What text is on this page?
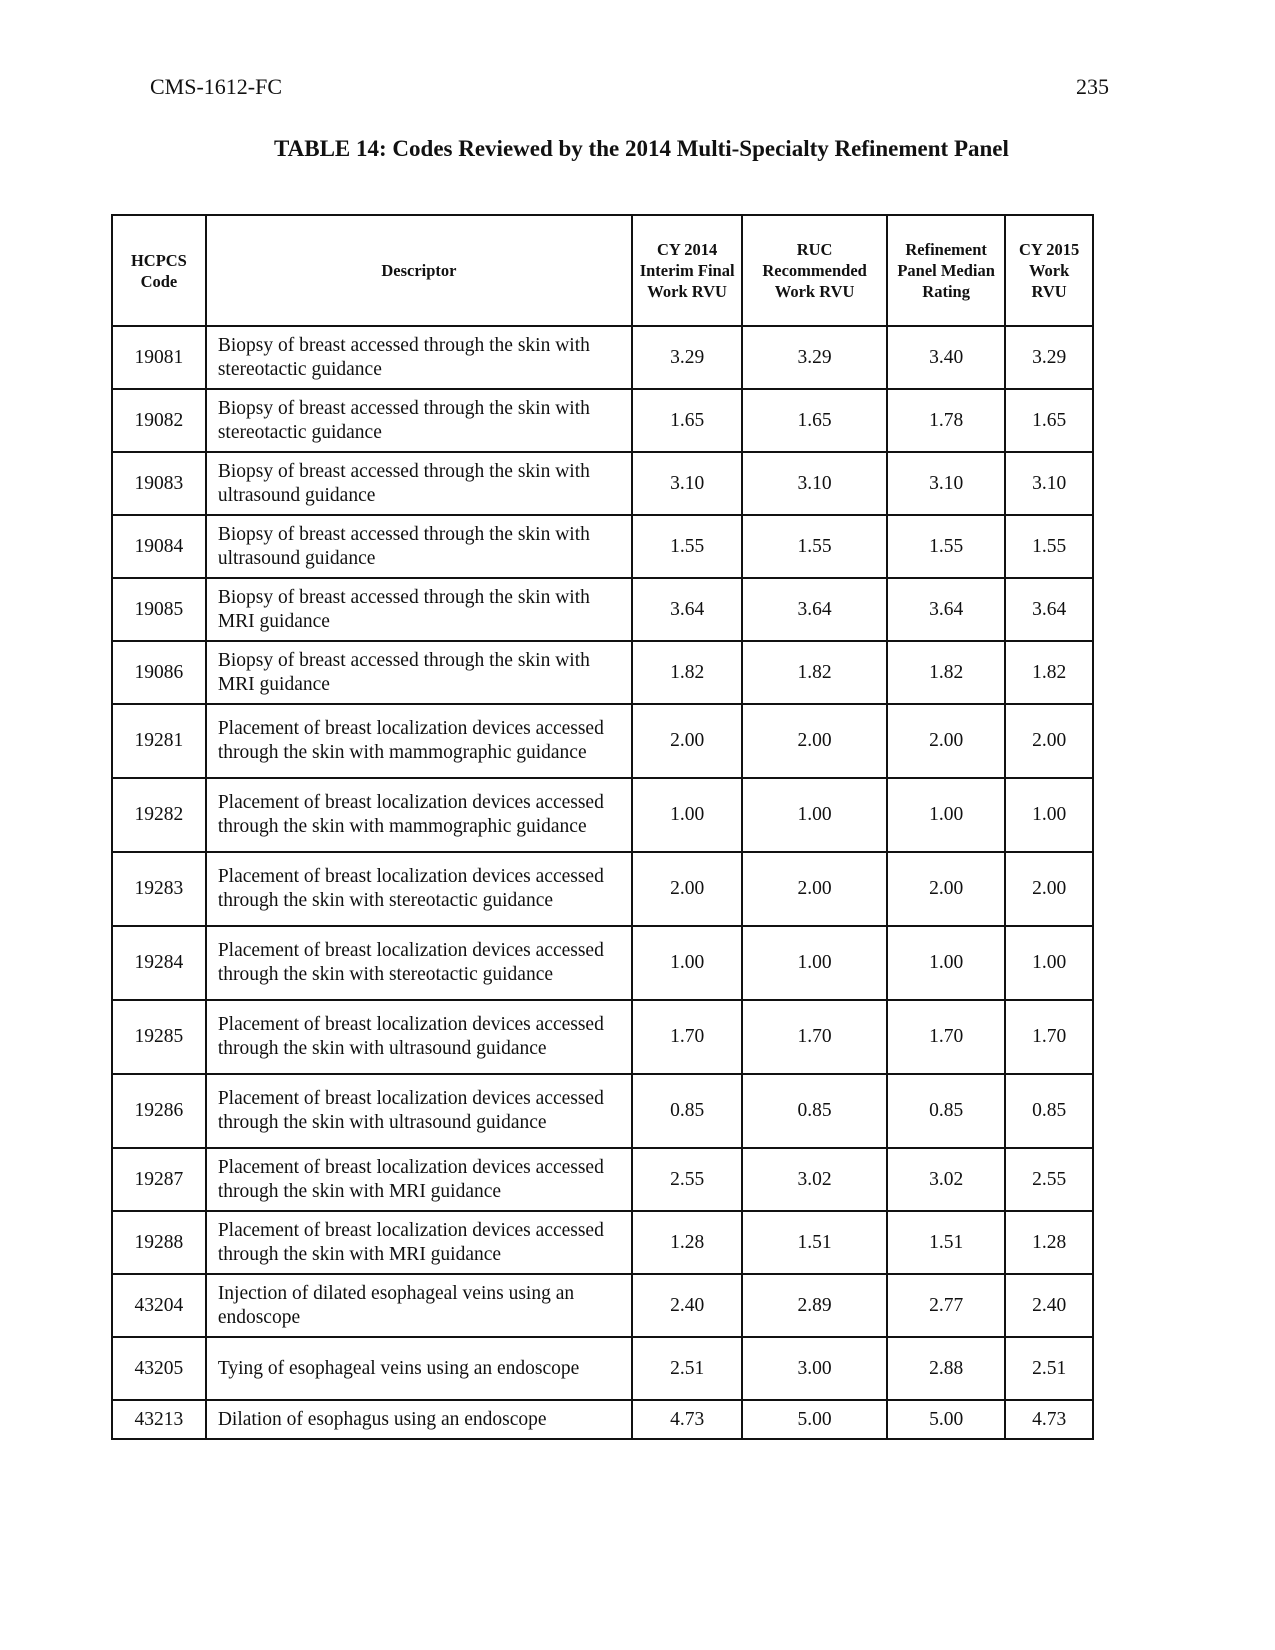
CMS-1612-FC	235
TABLE 14: Codes Reviewed by the 2014 Multi-Specialty Refinement Panel
HCPCS Code	Descriptor	CY 2014 Interim Final Work RVU	RUC Recommended Work RVU	Refinement Panel Median Rating	CY 2015 Work RVU
19081	Biopsy of breast accessed through the skin with stereotactic guidance	3.29	3.29	3.40	3.29
19082	Biopsy of breast accessed through the skin with stereotactic guidance	1.65	1.65	1.78	1.65
19083	Biopsy of breast accessed through the skin with ultrasound guidance	3.10	3.10	3.10	3.10
19084	Biopsy of breast accessed through the skin with ultrasound guidance	1.55	1.55	1.55	1.55
19085	Biopsy of breast accessed through the skin with MRI guidance	3.64	3.64	3.64	3.64
19086	Biopsy of breast accessed through the skin with MRI guidance	1.82	1.82	1.82	1.82
19281	Placement of breast localization devices accessed through the skin with mammographic guidance	2.00	2.00	2.00	2.00
19282	Placement of breast localization devices accessed through the skin with mammographic guidance	1.00	1.00	1.00	1.00
19283	Placement of breast localization devices accessed through the skin with stereotactic guidance	2.00	2.00	2.00	2.00
19284	Placement of breast localization devices accessed through the skin with stereotactic guidance	1.00	1.00	1.00	1.00
19285	Placement of breast localization devices accessed through the skin with ultrasound guidance	1.70	1.70	1.70	1.70
19286	Placement of breast localization devices accessed through the skin with ultrasound guidance	0.85	0.85	0.85	0.85
19287	Placement of breast localization devices accessed through the skin with MRI guidance	2.55	3.02	3.02	2.55
19288	Placement of breast localization devices accessed through the skin with MRI guidance	1.28	1.51	1.51	1.28
43204	Injection of dilated esophageal veins using an endoscope	2.40	2.89	2.77	2.40
43205	Tying of esophageal veins using an endoscope	2.51	3.00	2.88	2.51
43213	Dilation of esophagus using an endoscope	4.73	5.00	5.00	4.73
